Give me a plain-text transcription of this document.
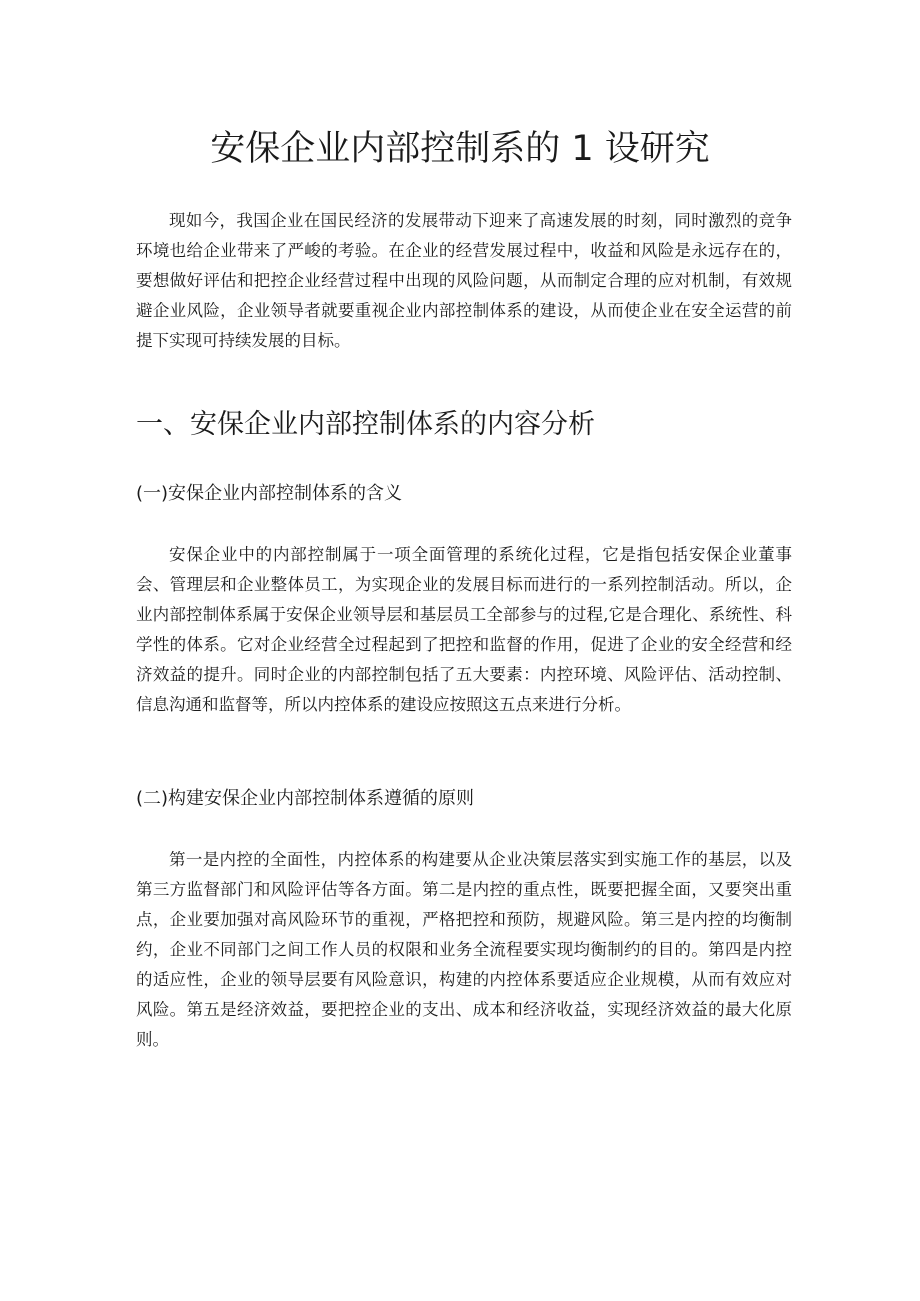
安保企业内部控制系的 1 设研究

现如今，我国企业在国民经济的发展带动下迎来了高速发展的时刻，同时激烈的竞争环境也给企业带来了严峻的考验。在企业的经营发展过程中，收益和风险是永远存在的，要想做好评估和把控企业经营过程中出现的风险问题，从而制定合理的应对机制，有效规避企业风险，企业领导者就要重视企业内部控制体系的建设，从而使企业在安全运营的前提下实现可持续发展的目标。

一、安保企业内部控制体系的内容分析
(一)安保企业内部控制体系的含义

安保企业中的内部控制属于一项全面管理的系统化过程，它是指包括安保企业董事会、管理层和企业整体员工，为实现企业的发展目标而进行的一系列控制活动。所以，企业内部控制体系属于安保企业领导层和基层员工全部参与的过程,它是合理化、系统性、科学性的体系。它对企业经营全过程起到了把控和监督的作用，促进了企业的安全经营和经济效益的提升。同时企业的内部控制包括了五大要素：内控环境、风险评估、活动控制、信息沟通和监督等，所以内控体系的建设应按照这五点来进行分析。

(二)构建安保企业内部控制体系遵循的原则

第一是内控的全面性，内控体系的构建要从企业决策层落实到实施工作的基层，以及第三方监督部门和风险评估等各方面。第二是内控的重点性，既要把握全面，又要突出重点，企业要加强对高风险环节的重视，严格把控和预防，规避风险。第三是内控的均衡制约，企业不同部门之间工作人员的权限和业务全流程要实现均衡制约的目的。第四是内控的适应性，企业的领导层要有风险意识，构建的内控体系要适应企业规模，从而有效应对风险。第五是经济效益，要把控企业的支出、成本和经济收益，实现经济效益的最大化原则。
